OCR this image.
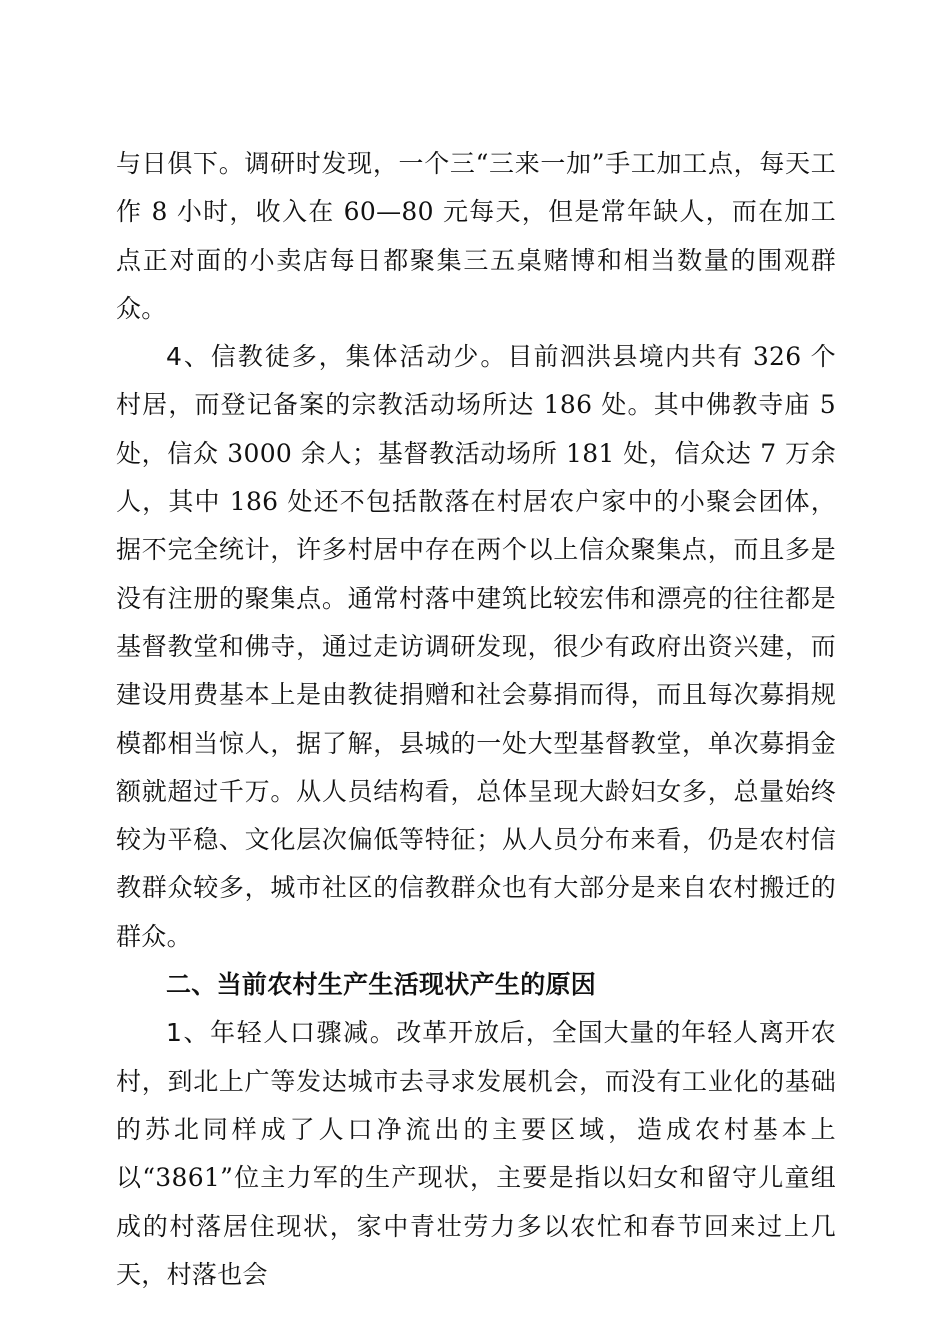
与日俱下。调研时发现，一个三“三来一加”手工加工点，每天工作 8 小时，收入在 60—80 元每天，但是常年缺人，而在加工点正对面的小卖店每日都聚集三五桌赌博和相当数量的围观群众。

4、信教徒多，集体活动少。目前泗洪县境内共有 326 个村居，而登记备案的宗教活动场所达 186 处。其中佛教寺庙 5 处，信众 3000 余人；基督教活动场所 181 处，信众达 7 万余人，其中 186 处还不包括散落在村居农户家中的小聚会团体，据不完全统计，许多村居中存在两个以上信众聚集点，而且多是没有注册的聚集点。通常村落中建筑比较宏伟和漂亮的往往都是基督教堂和佛寺，通过走访调研发现，很少有政府出资兴建，而建设用费基本上是由教徒捐赠和社会募捐而得，而且每次募捐规模都相当惊人，据了解，县城的一处大型基督教堂，单次募捐金额就超过千万。从人员结构看，总体呈现大龄妇女多，总量始终较为平稳、文化层次偏低等特征；从人员分布来看，仍是农村信教群众较多，城市社区的信教群众也有大部分是来自农村搬迁的群众。

二、当前农村生产生活现状产生的原因

1、年轻人口骤减。改革开放后，全国大量的年轻人离开农村，到北上广等发达城市去寻求发展机会，而没有工业化的基础的苏北同样成了人口净流出的主要区域，造成农村基本上以“3861”位主力军的生产现状，主要是指以妇女和留守儿童组成的村落居住现状，家中青壮劳力多以农忙和春节回来过上几天，村落也会
